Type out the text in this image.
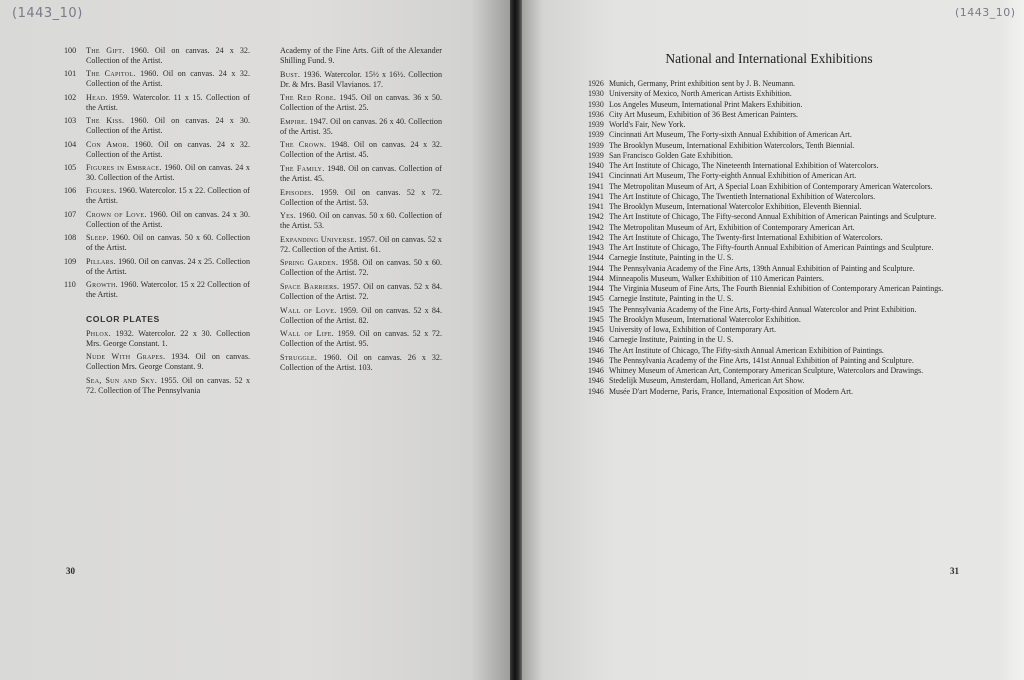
(1443_10)	(1443_10)
100	The Gift. 1960. Oil on canvas. 24 x 32. Collection of the Artist.
101	The Capitol. 1960. Oil on canvas. 24 x 32. Collection of the Artist.
102	Head. 1959. Watercolor. 11 x 15. Collection of the Artist.
103	The Kiss. 1960. Oil on canvas. 24 x 30. Collection of the Artist.
104	Con Amor. 1960. Oil on canvas. 24 x 32. Collection of the Artist.
105	Figures in Embrace. 1960. Oil on canvas. 24 x 30. Collection of the Artist.
106	Figures. 1960. Watercolor. 15 x 22. Collection of the Artist.
107	Crown of Love. 1960. Oil on canvas. 24 x 30. Collection of the Artist.
108	Sleep. 1960. Oil on canvas. 50 x 60. Collection of the Artist.
109	Pillars. 1960. Oil on canvas. 24 x 25. Collection of the Artist.
110	Growth. 1960. Watercolor. 15 x 22 Collection of the Artist.
COLOR PLATES
Phlox. 1932. Watercolor. 22 x 30. Collection Mrs. George Constant. 1.
Nude With Grapes. 1934. Oil on canvas. Collection Mrs. George Constant. 9.
Sea, Sun and Sky. 1955. Oil on canvas. 52 x 72. Collection of The Pennsylvania
Academy of the Fine Arts. Gift of the Alexander Shilling Fund. 9.
Bust. 1936. Watercolor. 15½ x 16½. Collection Dr. & Mrs. Basil Vlavianos. 17.
The Red Robe. 1945. Oil on canvas. 36 x 50. Collection of the Artist. 25.
Empire. 1947. Oil on canvas. 26 x 40. Collection of the Artist. 35.
The Crown. 1948. Oil on canvas. 24 x 32. Collection of the Artist. 45.
The Family. 1948. Oil on canvas. Collection of the Artist. 45.
Episodes. 1959. Oil on canvas. 52 x 72. Collection of the Artist. 53.
Yes. 1960. Oil on canvas. 50 x 60. Collection of the Artist. 53.
Expanding Universe. 1957. Oil on canvas. 52 x 72. Collection of the Artist. 61.
Spring Garden. 1958. Oil on canvas. 50 x 60. Collection of the Artist. 72.
Space Barriers. 1957. Oil on canvas. 52 x 84. Collection of the Artist. 72.
Wall of Love. 1959. Oil on canvas. 52 x 84. Collection of the Artist. 82.
Wall of Life. 1959. Oil on canvas. 52 x 72. Collection of the Artist. 95.
Struggle. 1960. Oil on canvas. 26 x 32. Collection of the Artist. 103.
30
National and International Exhibitions
1926 Munich, Germany, Print exhibition sent by J. B. Neumann.
1930 University of Mexico, North American Artists Exhibition.
1930 Los Angeles Museum, International Print Makers Exhibition.
1936 City Art Museum, Exhibition of 36 Best American Painters.
1939 World's Fair, New York.
1939 Cincinnati Art Museum, The Forty-sixth Annual Exhibition of American Art.
1939 The Brooklyn Museum, International Exhibition Watercolors, Tenth Biennial.
1939 San Francisco Golden Gate Exhibition.
1940 The Art Institute of Chicago, The Nineteenth International Exhibition of Watercolors.
1941 Cincinnati Art Museum, The Forty-eighth Annual Exhibition of American Art.
1941 The Metropolitan Museum of Art, A Special Loan Exhibition of Contemporary American Watercolors.
1941 The Art Institute of Chicago, The Twentieth International Exhibition of Watercolors.
1941 The Brooklyn Museum, International Watercolor Exhibition, Eleventh Biennial.
1942 The Art Institute of Chicago, The Fifty-second Annual Exhibition of American Paintings and Sculpture.
1942 The Metropolitan Museum of Art, Exhibition of Contemporary American Art.
1942 The Art Institute of Chicago, The Twenty-first International Exhibition of Watercolors.
1943 The Art Institute of Chicago, The Fifty-fourth Annual Exhibition of American Paintings and Sculpture.
1944 Carnegie Institute, Painting in the U. S.
1944 The Pennsylvania Academy of the Fine Arts, 139th Annual Exhibition of Painting and Sculpture.
1944 Minneapolis Museum, Walker Exhibition of 110 American Painters.
1944 The Virginia Museum of Fine Arts, The Fourth Biennial Exhibition of Contemporary American Paintings.
1945 Carnegie Institute, Painting in the U. S.
1945 The Pennsylvania Academy of the Fine Arts, Forty-third Annual Watercolor and Print Exhibition.
1945 The Brooklyn Museum, International Watercolor Exhibition.
1945 University of Iowa, Exhibition of Contemporary Art.
1946 Carnegie Institute, Painting in the U. S.
1946 The Art Institute of Chicago, The Fifty-sixth Annual American Exhibition of Paintings.
1946 The Pennsylvania Academy of the Fine Arts, 141st Annual Exhibition of Painting and Sculpture.
1946 Whitney Museum of American Art, Contemporary American Sculpture, Watercolors and Drawings.
1946 Stedelijk Museum, Amsterdam, Holland, American Art Show.
1946 Musée D'art Moderne, Paris, France, International Exposition of Modern Art.
31
